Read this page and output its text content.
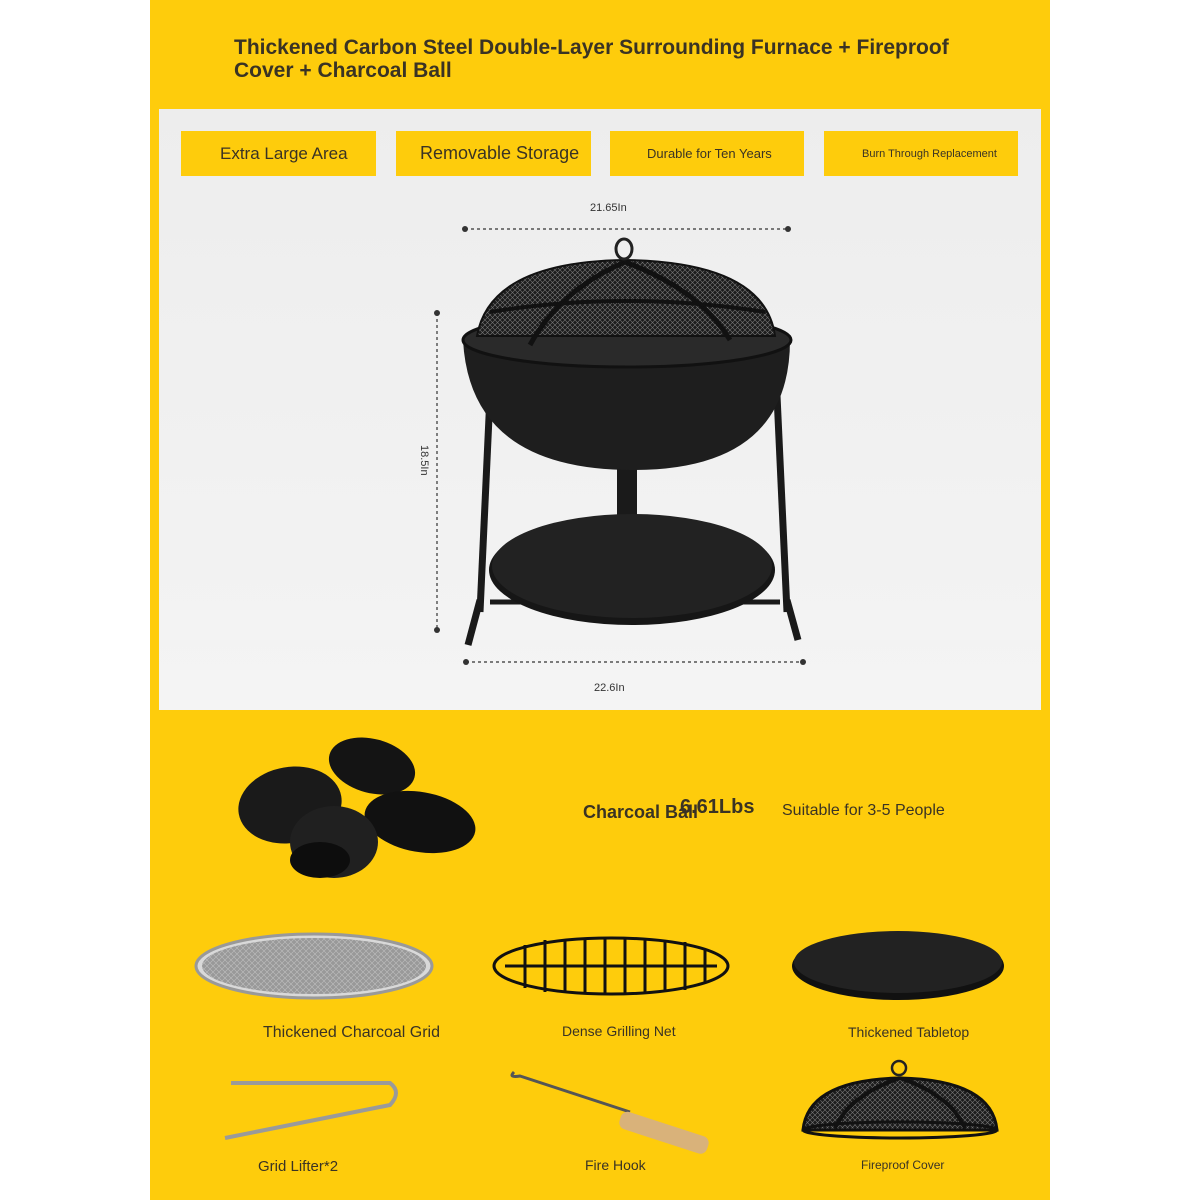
Thickened Carbon Steel Double-Layer Surrounding Furnace + Fireproof Cover + Charcoal Ball
Extra Large Area	Removable Storage	Durable for Ten Years	Burn Through Replacement
21.65In
18.5In
22.6In
Charcoal Ball
6.61Lbs Suitable for 3-5 People
Thickened Charcoal Grid	Dense Grilling Net	Thickened Tabletop
Grid Lifter*2	Fire Hook	Fireproof Cover
